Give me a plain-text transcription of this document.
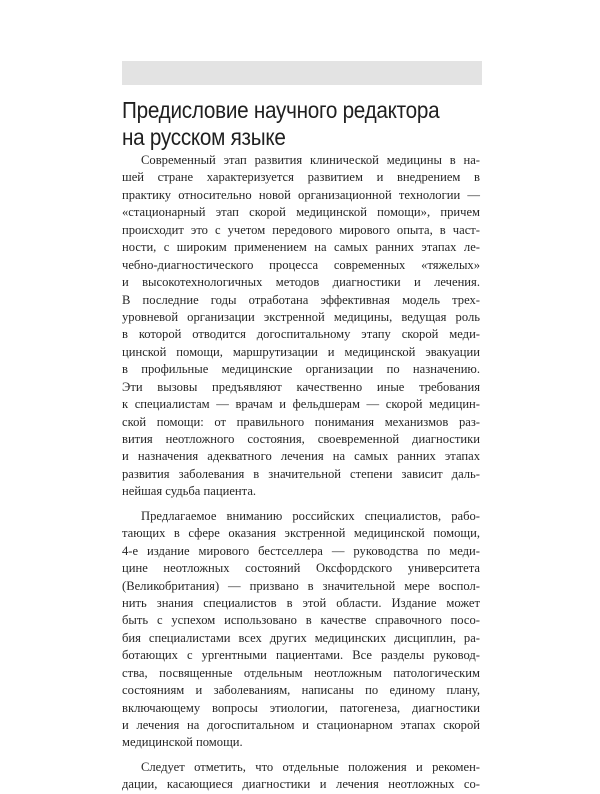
Предисловие научного редактора
на русском языке
Современный этап развития клинической медицины в на-
шей стране характеризуется развитием и внедрением в
практику относительно новой организационной технологии —
«стационарный этап скорой медицинской помощи», причем
происходит это с учетом передового мирового опыта, в част-
ности, с широким применением на самых ранних этапах ле-
чебно-диагностического процесса современных «тяжелых»
и высокотехнологичных методов диагностики и лечения.
В последние годы отработана эффективная модель трех-
уровневой организации экстренной медицины, ведущая роль
в которой отводится догоспитальному этапу скорой меди-
цинской помощи, маршрутизации и медицинской эвакуации
в профильные медицинские организации по назначению.
Эти вызовы предъявляют качественно иные требования
к специалистам — врачам и фельдшерам — скорой медицин-
ской помощи: от правильного понимания механизмов раз-
вития неотложного состояния, своевременной диагностики
и назначения адекватного лечения на самых ранних этапах
развития заболевания в значительной степени зависит даль-
нейшая судьба пациента.
Предлагаемое вниманию российских специалистов, рабо-
тающих в сфере оказания экстренной медицинской помощи,
4-е издание мирового бестселлера — руководства по меди-
цине неотложных состояний Оксфордского университета
(Великобритания) — призвано в значительной мере воспол-
нить знания специалистов в этой области. Издание может
быть с успехом использовано в качестве справочного посо-
бия специалистами всех других медицинских дисциплин, ра-
ботающих с ургентными пациентами. Все разделы руковод-
ства, посвященные отдельным неотложным патологическим
состояниям и заболеваниям, написаны по единому плану,
включающему вопросы этиологии, патогенеза, диагностики
и лечения на догоспитальном и стационарном этапах скорой
медицинской помощи.
Следует отметить, что отдельные положения и рекомен-
дации, касающиеся диагностики и лечения неотложных со-
